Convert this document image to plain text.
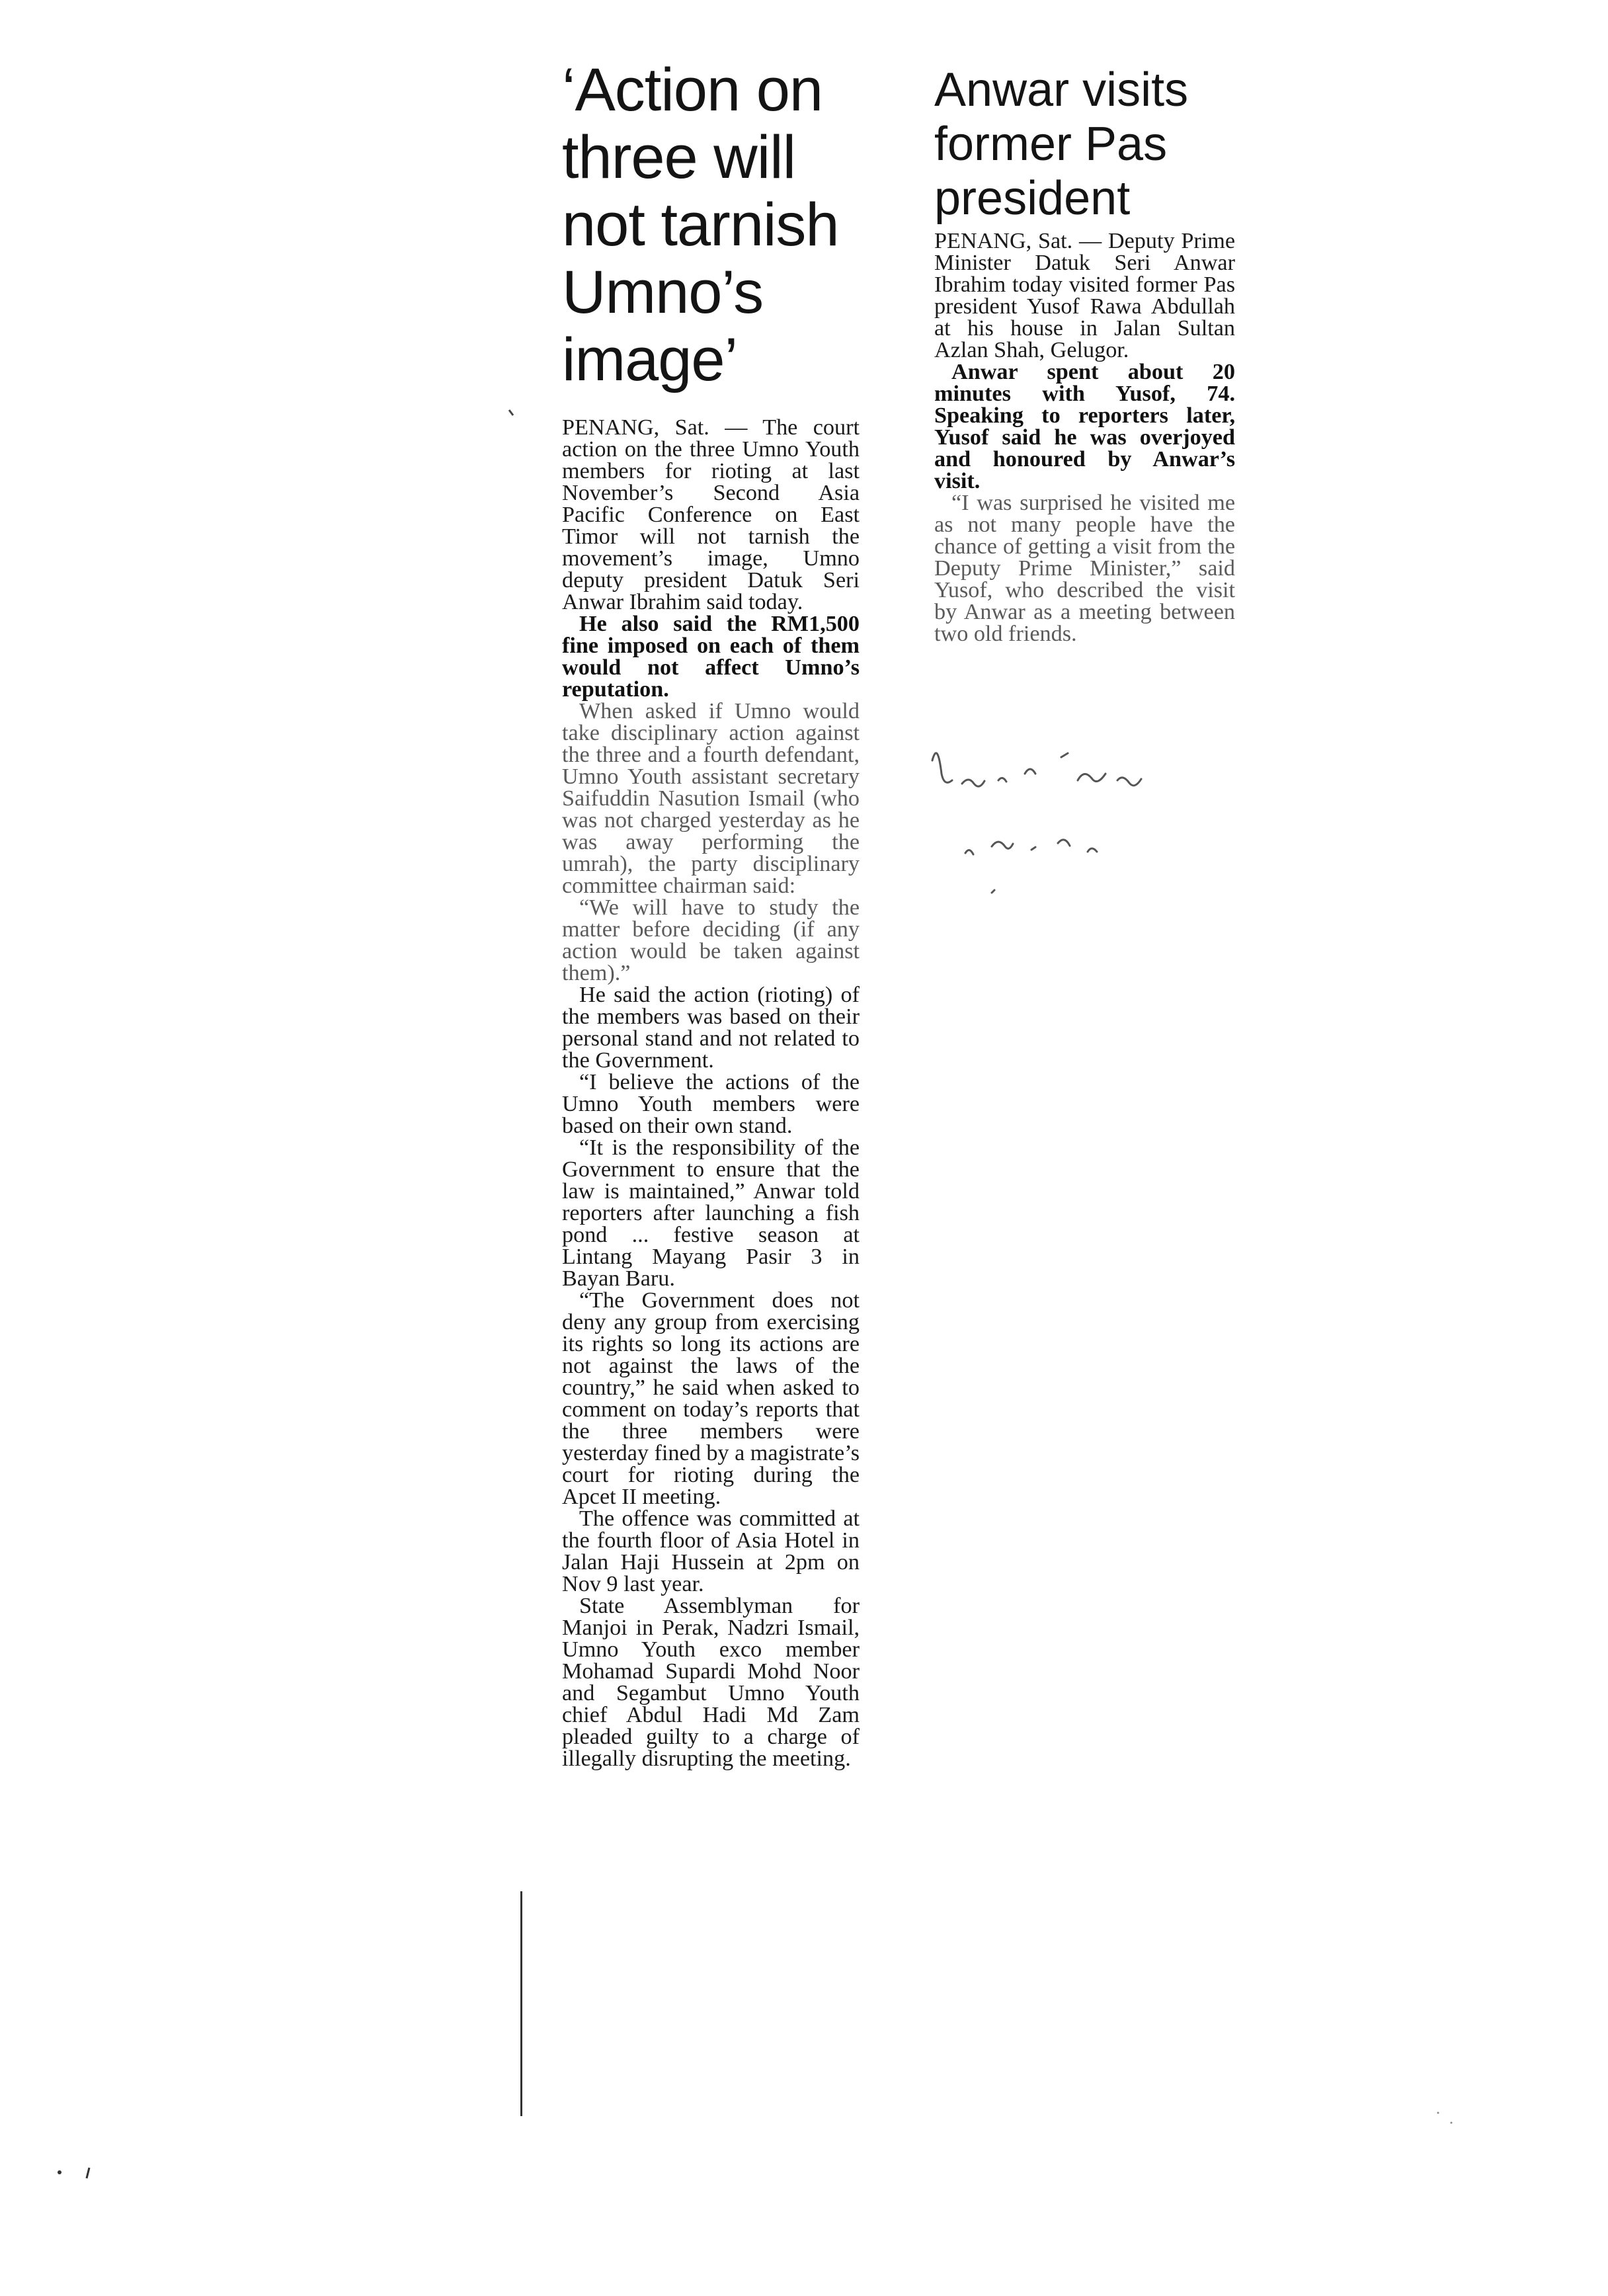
‘Action on
three will
not tarnish
Umno’s
image’

PENANG, Sat. — The court action on the three Umno Youth members for rioting at last November’s Second Asia Pacific Conference on East Timor will not tarnish the movement’s image, Umno deputy president Datuk Seri Anwar Ibrahim said today.

He also said the RM1,500 fine imposed on each of them would not affect Umno’s reputation.

When asked if Umno would take disciplinary action against the three and a fourth defendant, Umno Youth assistant secretary Saifuddin Nasution Ismail (who was not charged yesterday as he was away performing the umrah), the party disciplinary committee chairman said:

“We will have to study the matter before deciding (if any action would be taken against them).”

He said the action (rioting) of the members was based on their personal stand and not related to the Government.

“I believe the actions of the Umno Youth members were based on their own stand.

“It is the responsibility of the Government to ensure that the law is maintained,” Anwar told reporters after launching a fish pond ... festive season at Lintang Mayang Pasir 3 in Bayan Baru.

“The Government does not deny any group from exercising its rights so long its actions are not against the laws of the country,” he said when asked to comment on today’s reports that the three members were yesterday fined by a magistrate’s court for rioting during the Apcet II meeting.

The offence was committed at the fourth floor of Asia Hotel in Jalan Haji Hussein at 2pm on Nov 9 last year.

State Assemblyman for Manjoi in Perak, Nadzri Ismail, Umno Youth exco member Mohamad Supardi Mohd Noor and Segambut Umno Youth chief Abdul Hadi Md Zam pleaded guilty to a charge of illegally disrupting the meeting.

Anwar visits
former Pas
president

PENANG, Sat. — Deputy Prime Minister Datuk Seri Anwar Ibrahim today visited former Pas president Yusof Rawa Abdullah at his house in Jalan Sultan Azlan Shah, Gelugor.

Anwar spent about 20 minutes with Yusof, 74. Speaking to reporters later, Yusof said he was overjoyed and honoured by Anwar’s visit.

“I was surprised he visited me as not many people have the chance of getting a visit from the Deputy Prime Minister,” said Yusof, who described the visit by Anwar as a meeting between two old friends.
